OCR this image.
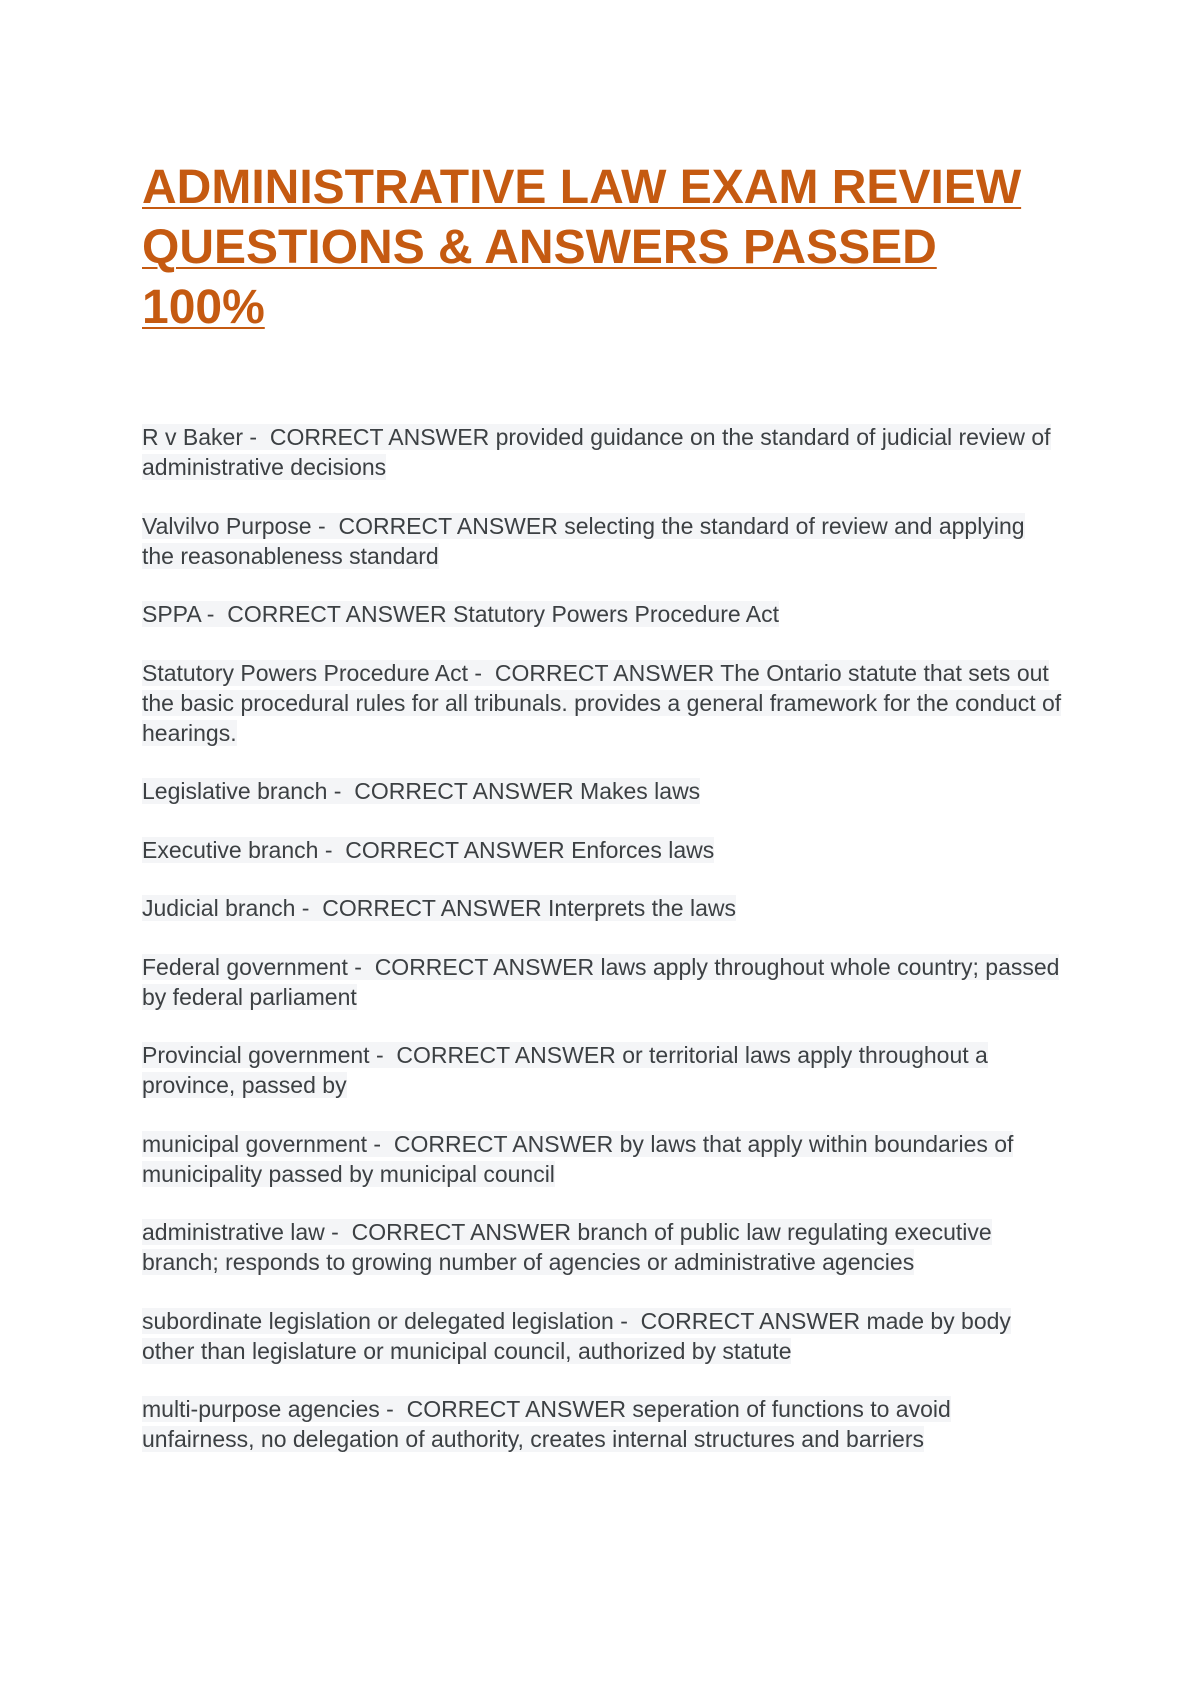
ADMINISTRATIVE LAW EXAM REVIEW
QUESTIONS & ANSWERS PASSED
100%

R v Baker -  CORRECT ANSWER provided guidance on the standard of judicial review of administrative decisions

Valvilvo Purpose -  CORRECT ANSWER selecting the standard of review and applying the reasonableness standard

SPPA -  CORRECT ANSWER Statutory Powers Procedure Act

Statutory Powers Procedure Act -  CORRECT ANSWER The Ontario statute that sets out the basic procedural rules for all tribunals. provides a general framework for the conduct of hearings.

Legislative branch -  CORRECT ANSWER Makes laws

Executive branch -  CORRECT ANSWER Enforces laws

Judicial branch -  CORRECT ANSWER Interprets the laws

Federal government -  CORRECT ANSWER laws apply throughout whole country; passed by federal parliament

Provincial government -  CORRECT ANSWER or territorial laws apply throughout a province, passed by

municipal government -  CORRECT ANSWER by laws that apply within boundaries of municipality passed by municipal council

administrative law -  CORRECT ANSWER branch of public law regulating executive branch; responds to growing number of agencies or administrative agencies

subordinate legislation or delegated legislation -  CORRECT ANSWER made by body other than legislature or municipal council, authorized by statute

multi-purpose agencies -  CORRECT ANSWER seperation of functions to avoid unfairness, no delegation of authority, creates internal structures and barriers
